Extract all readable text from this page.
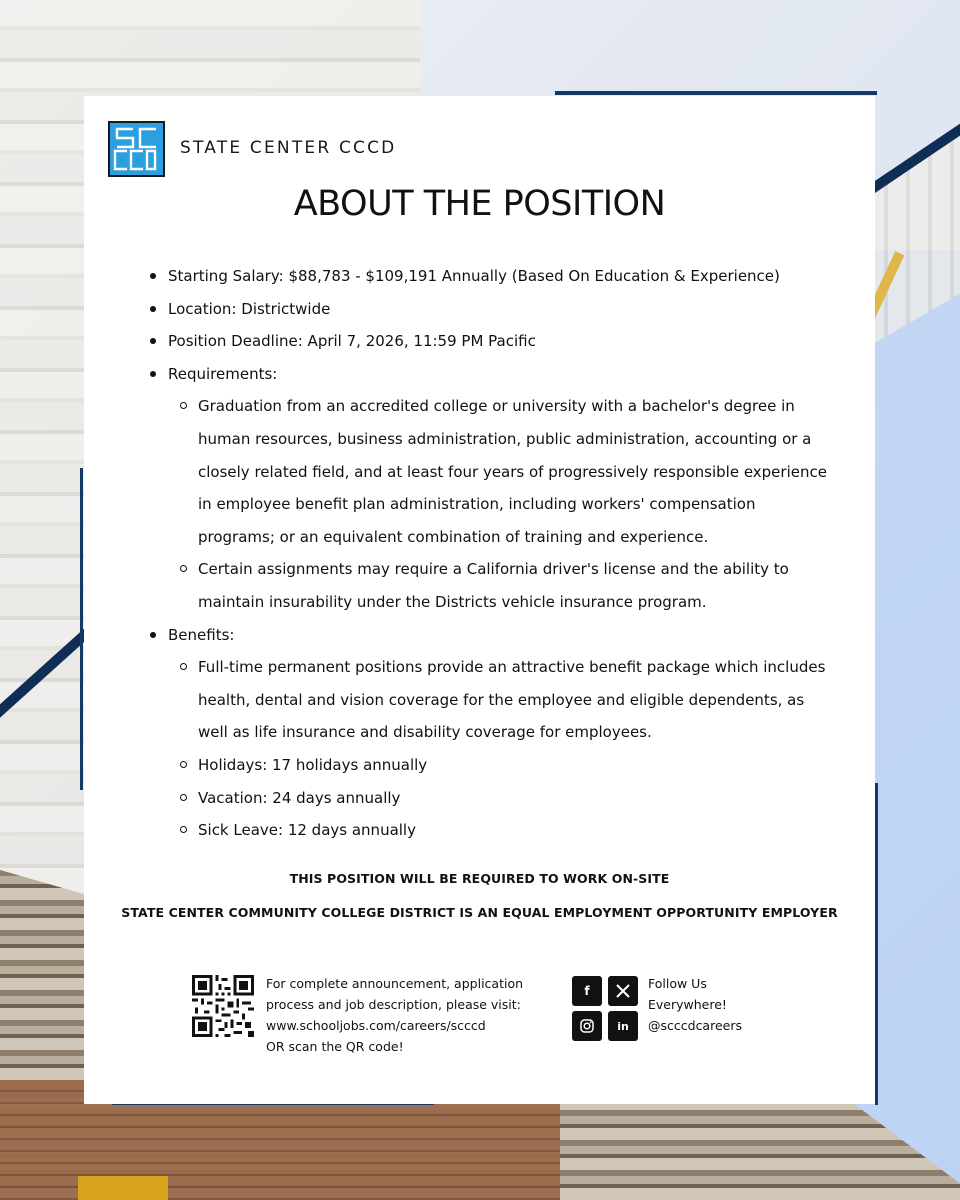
STATE CENTER CCCD
ABOUT THE POSITION
Starting Salary: $88,783 - $109,191 Annually (Based On Education & Experience)
Location: Districtwide
Position Deadline: April 7, 2026, 11:59 PM Pacific
Requirements:
Graduation from an accredited college or university with a bachelor's degree in human resources, business administration, public administration, accounting or a closely related field, and at least four years of progressively responsible experience in employee benefit plan administration, including workers' compensation programs; or an equivalent combination of training and experience.
Certain assignments may require a California driver's license and the ability to maintain insurability under the Districts vehicle insurance program.
Benefits:
Full-time permanent positions provide an attractive benefit package which includes health, dental and vision coverage for the employee and eligible dependents, as well as life insurance and disability coverage for employees.
Holidays: 17 holidays annually
Vacation: 24 days annually
Sick Leave: 12 days annually
THIS POSITION WILL BE REQUIRED TO WORK ON-SITE
STATE CENTER COMMUNITY COLLEGE DISTRICT IS AN EQUAL EMPLOYMENT OPPORTUNITY EMPLOYER
For complete announcement, application
process and job description, please visit:
www.schooljobs.com/careers/scccd
OR scan the QR code!
f
in
Follow Us
Everywhere!
@scccdcareers
